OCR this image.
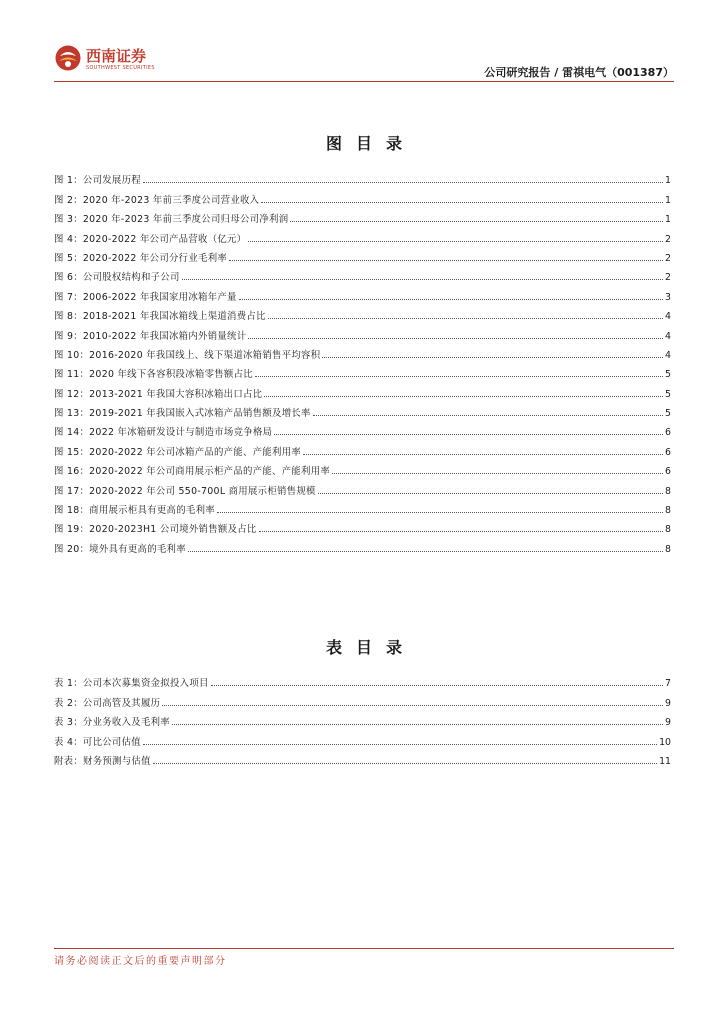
西南证券
SOUTHWEST SECURITIES	公司研究报告 / 雷祺电气（001387）
图目录
图 1：公司发展历程	1
图 2：2020 年-2023 年前三季度公司营业收入	1
图 3：2020 年-2023 年前三季度公司归母公司净利润	1
图 4：2020-2022 年公司产品营收（亿元）	2
图 5：2020-2022 年公司分行业毛利率	2
图 6：公司股权结构和子公司	2
图 7：2006-2022 年我国家用冰箱年产量	3
图 8：2018-2021 年我国冰箱线上渠道消费占比	4
图 9：2010-2022 年我国冰箱内外销量统计	4
图 10：2016-2020 年我国线上、线下渠道冰箱销售平均容积	4
图 11：2020 年线下各容积段冰箱零售额占比	5
图 12：2013-2021 年我国大容积冰箱出口占比	5
图 13：2019-2021 年我国嵌入式冰箱产品销售额及增长率	5
图 14：2022 年冰箱研发设计与制造市场竞争格局	6
图 15：2020-2022 年公司冰箱产品的产能、产能利用率	6
图 16：2020-2022 年公司商用展示柜产品的产能、产能利用率	6
图 17：2020-2022 年公司 550-700L 商用展示柜销售规模	8
图 18：商用展示柜具有更高的毛利率	8
图 19：2020-2023H1 公司境外销售额及占比	8
图 20：境外具有更高的毛利率	8
表目录
表 1：公司本次募集资金拟投入项目	7
表 2：公司高管及其履历	9
表 3：分业务收入及毛利率	9
表 4：可比公司估值	10
附表：财务预测与估值	11
请务必阅读正文后的重要声明部分
